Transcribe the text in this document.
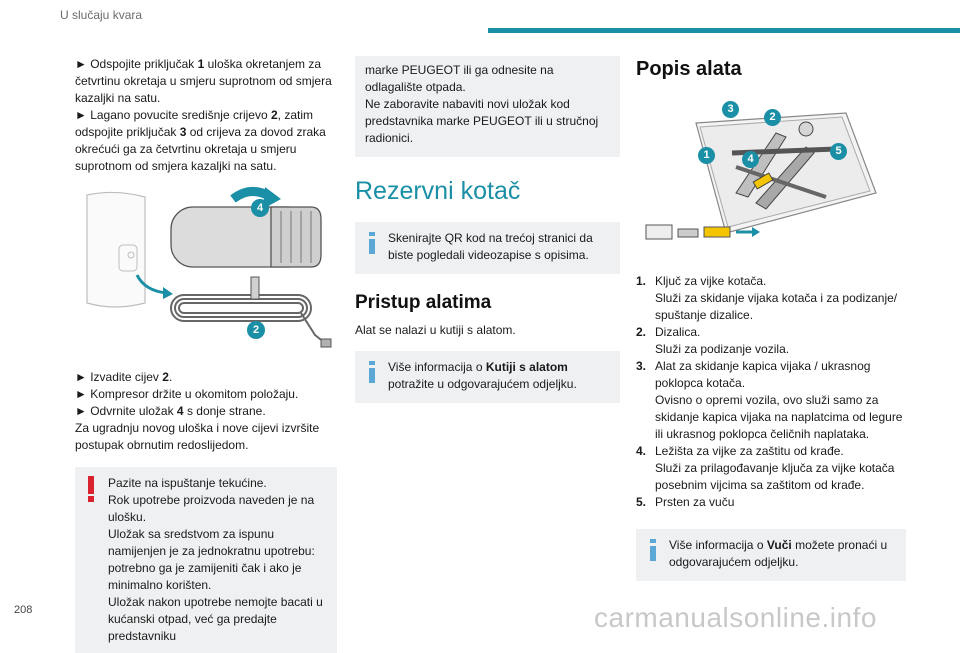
U slučaju kvara

► Odspojite priključak 1 uloška okretanjem za četvrtinu okretaja u smjeru suprotnom od smjera kazaljki na satu.
► Lagano povucite središnje crijevo 2, zatim odspojite priključak 3 od crijeva za dovod zraka okrećući ga za četvrtinu okretaja u smjeru suprotnom od smjera kazaljki na satu.

4
2

► Izvadite cijev 2.
► Kompresor držite u okomitom položaju.
► Odvrnite uložak 4 s donje strane.
Za ugradnju novog uloška i nove cijevi izvršite postupak obrnutim redoslijedom.

Pazite na ispuštanje tekućine.

Rok upotrebe proizvoda naveden je na ulošku.

Uložak sa sredstvom za ispunu namijenjen je za jednokratnu upotrebu: potrebno ga je zamijeniti čak i ako je minimalno korišten.

Uložak nakon upotrebe nemojte bacati u kućanski otpad, već ga predajte predstavniku

marke PEUGEOT ili ga odnesite na odlagalište otpada.

Ne zaboravite nabaviti novi uložak kod predstavnika marke PEUGEOT ili u stručnoj radionici.

Rezervni kotač

Skenirajte QR kod na trećoj stranici da biste pogledali videozapise s opisima.

Pristup alatima

Alat se nalazi u kutiji s alatom.

Više informacija o Kutiji s alatom potražite u odgovarajućem odjeljku.

Popis alata
3
2
1	4
5
1. Ključ za vijke kotača.
Služi za skidanje vijaka kotača i za podizanje/ spuštanje dizalice.
2. Dizalica.
Služi za podizanje vozila.
3. Alat za skidanje kapica vijaka / ukrasnog poklopca kotača.
Ovisno o opremi vozila, ovo služi samo za skidanje kapica vijaka na naplatcima od legure ili ukrasnog poklopca čeličnih naplataka.
4. Ležišta za vijke za zaštitu od krađe.
Služi za prilagođavanje ključa za vijke kotača posebnim vijcima sa zaštitom od krađe.
5. Prsten za vuču

Više informacija o Vuči možete pronaći u odgovarajućem odjeljku.

208	carmanualsonline.info
